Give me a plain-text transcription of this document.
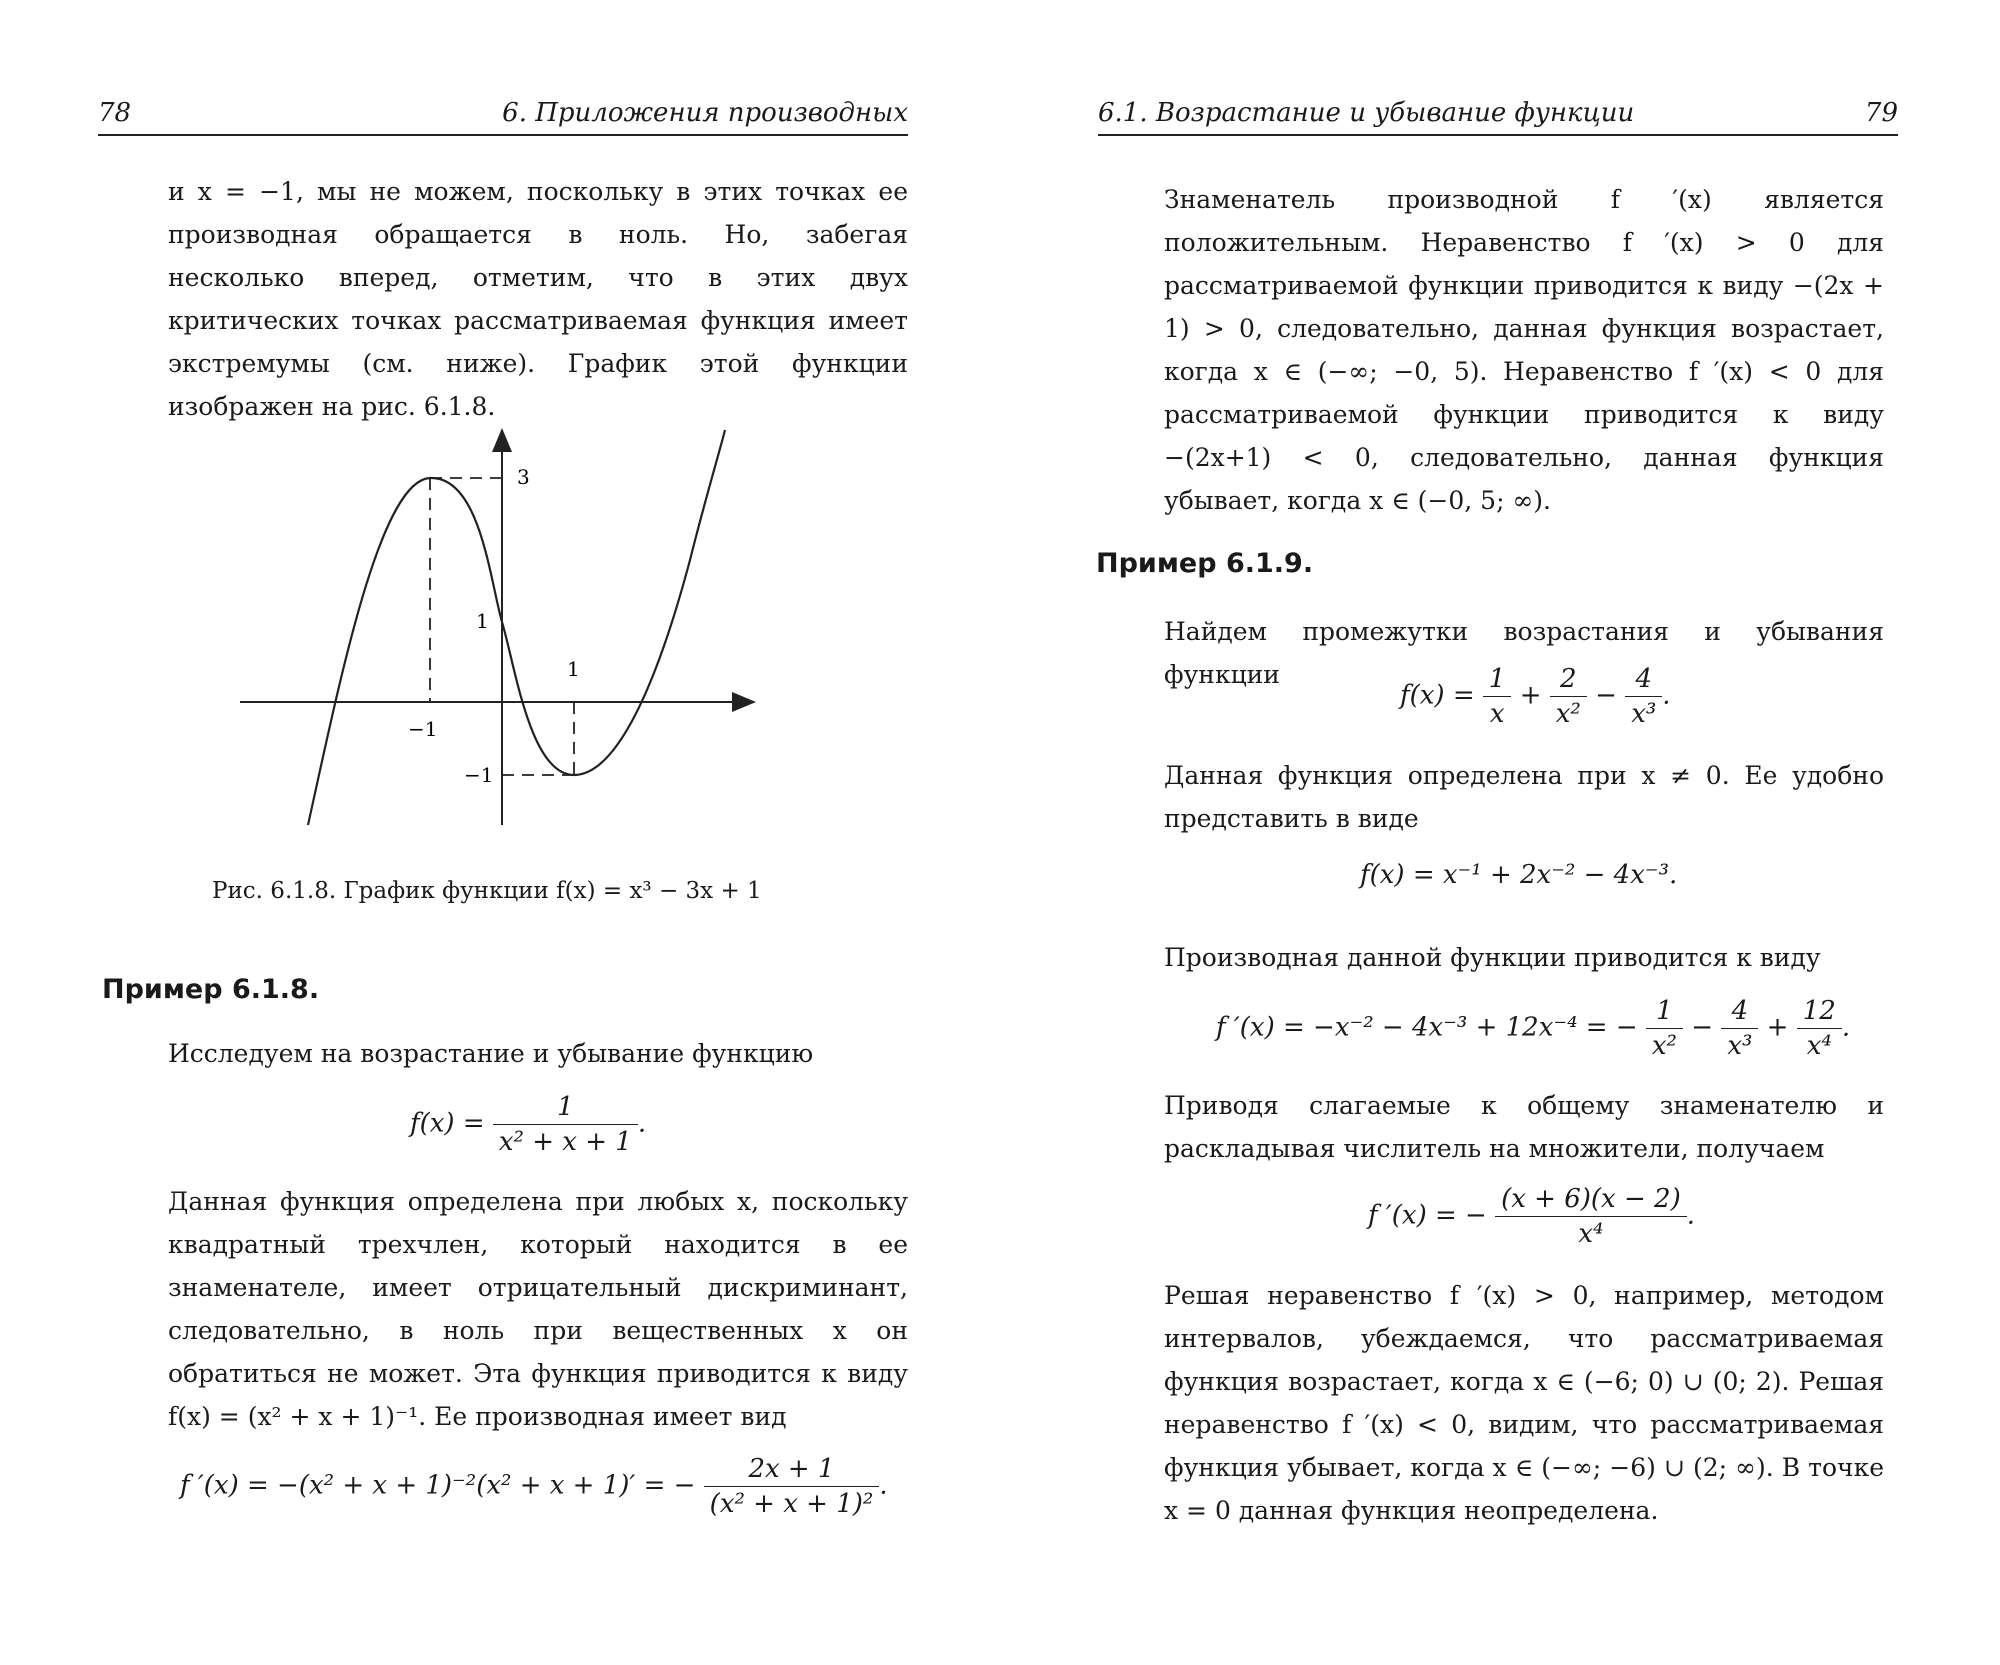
78	6. Приложения производных
и x = −1, мы не можем, поскольку в этих точках ее производная обращается в ноль. Но, забегая несколько вперед, отметим, что в этих двух критических точках рассматриваемая функция имеет экстремумы (см. ниже). График этой функции изображен на рис. 6.1.8.
3
1
1
−1
−1
Рис. 6.1.8. График функции f(x) = x³ − 3x + 1
Пример 6.1.8.
Исследуем на возрастание и убывание функцию
$f(x) = \frac{1}{\text{x² + x + 1}}$ .
Данная функция определена при любых x, поскольку квадратный трехчлен, который находится в ее знаменателе, имеет отрицательный дискриминант, следовательно, в ноль при вещественных x он обратиться не может. Эта функция приводится к виду f(x) = (x² + x + 1)⁻¹. Ее производная имеет вид
f ′(x) = −(x² + x + 1)⁻²(x² + x + 1)′ = − $\frac{2x + 1}{\text{(x² + x + 1)²}}$ .
6.1. Возрастание и убывание функции	79
Знаменатель производной f ′(x) является положительным. Неравенство f ′(x) > 0 для рассматриваемой функции приводится к виду −(2x + 1) > 0, следовательно, данная функция возрастает, когда x ∈ (−∞; −0, 5). Неравенство f ′(x) < 0 для рассматриваемой функции приводится к виду −(2x+1) < 0, следовательно, данная функция убывает, когда x ∈ (−0, 5; ∞).
Пример 6.1.9.
Найдем промежутки возрастания и убывания функции
$f(x) = \frac{1}{x} + \frac{2}{\text{x²}} - \frac{4}{\text{x³}}$ .
Данная функция определена при x ≠ 0. Ее удобно представить в виде
f(x) = x⁻¹ + 2x⁻² − 4x⁻³.
Производная данной функции приводится к виду
f ′(x) = −x⁻² − 4x⁻³ + 12x⁻⁴ = − $\frac{1}{\text{x²}} - \frac{4}{\text{x³}} + \frac{12}{\text{x⁴}}$ .
Приводя слагаемые к общему знаменателю и раскладывая числитель на множители, получаем
f ′(x) = − $\frac{(x + 6)(x - 2)}{\text{x⁴}}$ .
Решая неравенство f ′(x) > 0, например, методом интервалов, убеждаемся, что рассматриваемая функция возрастает, когда x ∈ (−6; 0) ∪ (0; 2). Решая неравенство f ′(x) < 0, видим, что рассматриваемая функция убывает, когда x ∈ (−∞; −6) ∪ (2; ∞). В точке x = 0 данная функция неопределена.
